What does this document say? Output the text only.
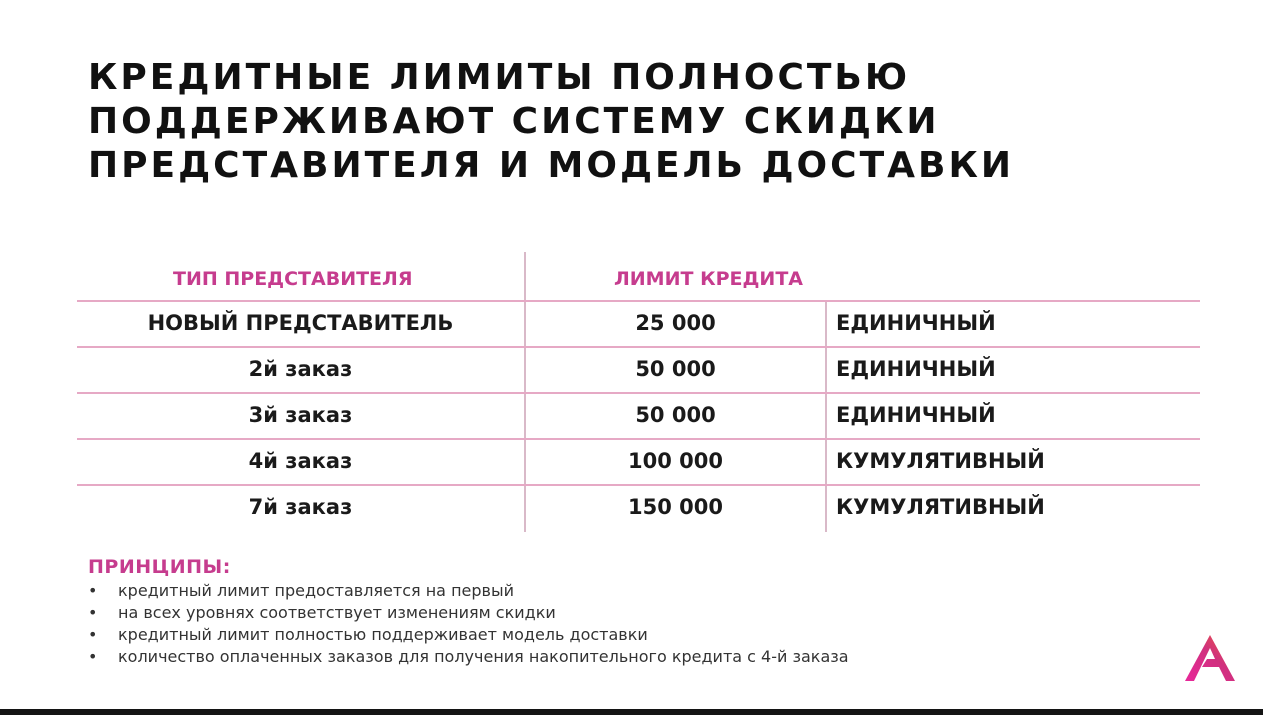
КРЕДИТНЫЕ ЛИМИТЫ ПОЛНОСТЬЮ
ПОДДЕРЖИВАЮТ СИСТЕМУ СКИДКИ
ПРЕДСТАВИТЕЛЯ И МОДЕЛЬ ДОСТАВКИ
ТИП ПРЕДСТАВИТЕЛЯ	ЛИМИТ КРЕДИТА
НОВЫЙ ПРЕДСТАВИТЕЛЬ	25 000	ЕДИНИЧНЫЙ
2й заказ	50 000	ЕДИНИЧНЫЙ
3й заказ	50 000	ЕДИНИЧНЫЙ
4й заказ	100 000	КУМУЛЯТИВНЫЙ
7й заказ	150 000	КУМУЛЯТИВНЫЙ
ПРИНЦИПЫ:
• кредитный лимит предоставляется на первый
• на всех уровнях соответствует изменениям скидки
• кредитный лимит полностью поддерживает модель доставки
• количество оплаченных заказов для получения накопительного кредита с 4-й заказа
